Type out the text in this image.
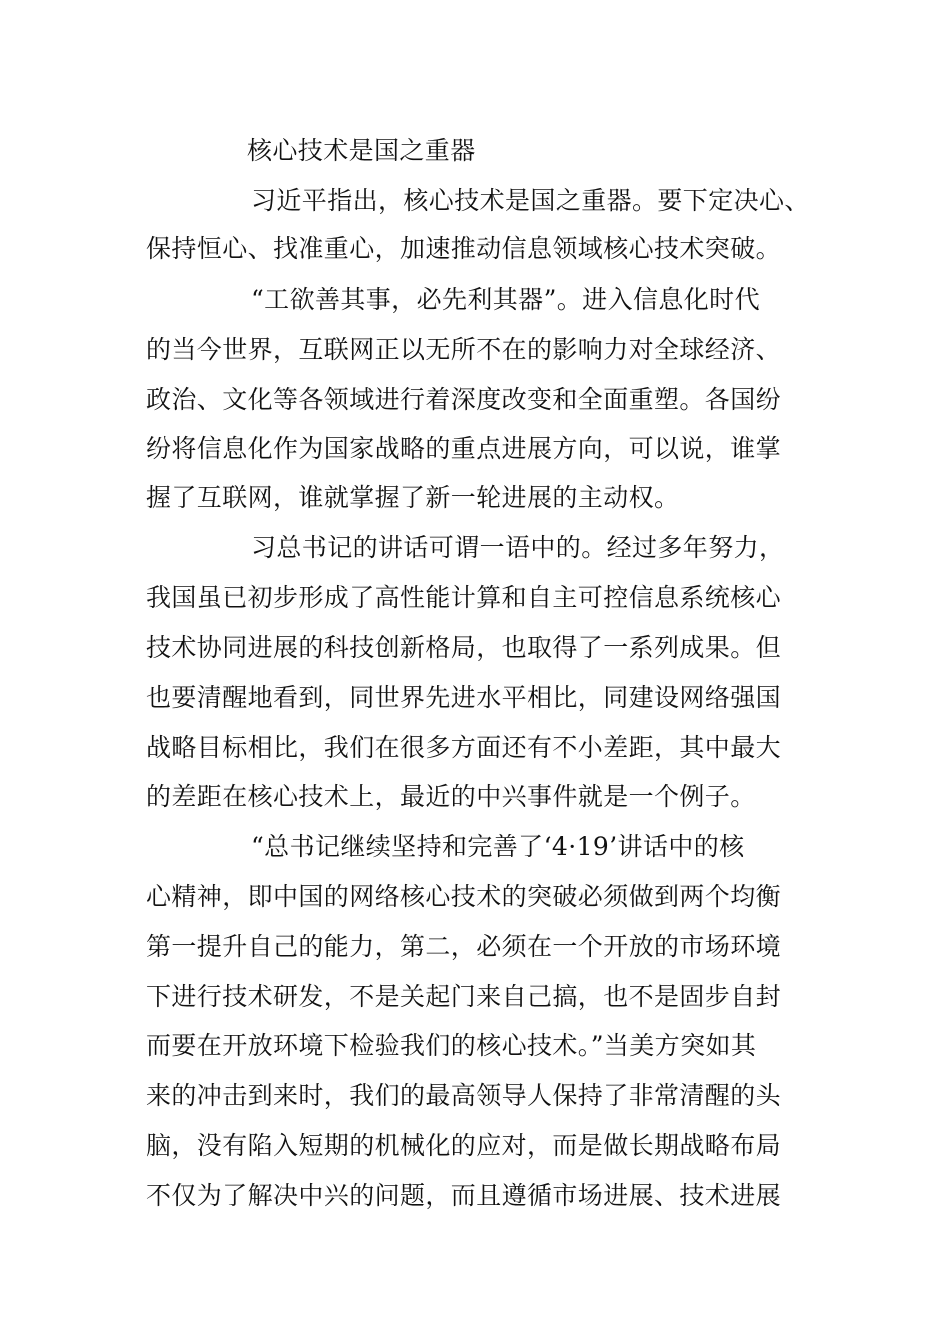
核心技术是国之重器
习近平指出，核心技术是国之重器。要下定决心、
保持恒心、找准重心，加速推动信息领域核心技术突破。
“工欲善其事，必先利其器”。进入信息化时代
的当今世界，互联网正以无所不在的影响力对全球经济、
政治、文化等各领域进行着深度改变和全面重塑。各国纷
纷将信息化作为国家战略的重点进展方向，可以说，谁掌
握了互联网，谁就掌握了新一轮进展的主动权。
习总书记的讲话可谓一语中的。经过多年努力，
我国虽已初步形成了高性能计算和自主可控信息系统核心
技术协同进展的科技创新格局，也取得了一系列成果。但
也要清醒地看到，同世界先进水平相比，同建设网络强国
战略目标相比，我们在很多方面还有不小差距，其中最大
的差距在核心技术上，最近的中兴事件就是一个例子。
“总书记继续坚持和完善了‘4·19’讲话中的核
心精神，即中国的网络核心技术的突破必须做到两个均衡
第一提升自己的能力，第二，必须在一个开放的市场环境
下进行技术研发，不是关起门来自己搞，也不是固步自封
而要在开放环境下检验我们的核心技术。”当美方突如其
来的冲击到来时，我们的最高领导人保持了非常清醒的头
脑，没有陷入短期的机械化的应对，而是做长期战略布局
不仅为了解决中兴的问题，而且遵循市场进展、技术进展
